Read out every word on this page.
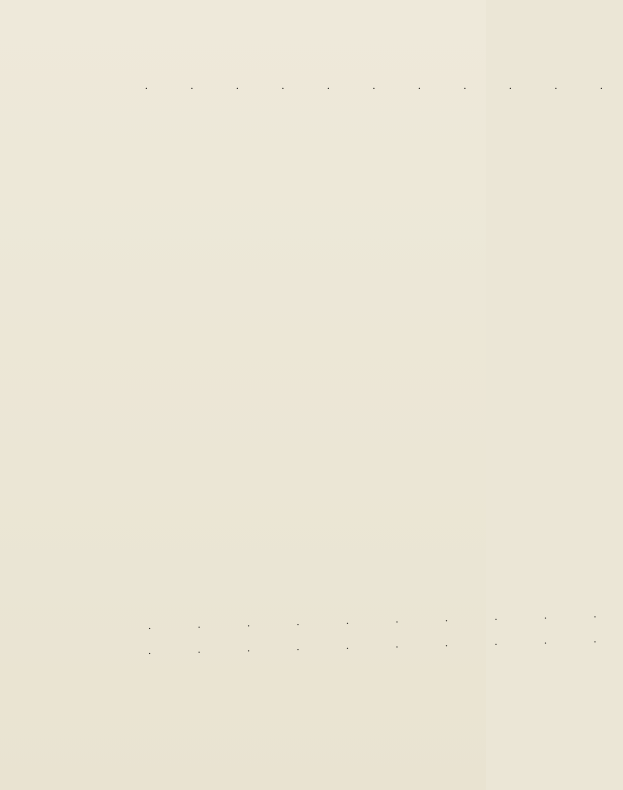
. . . . . . . . . . .
. . . . . . . . . .
. . . . . . . . . .
